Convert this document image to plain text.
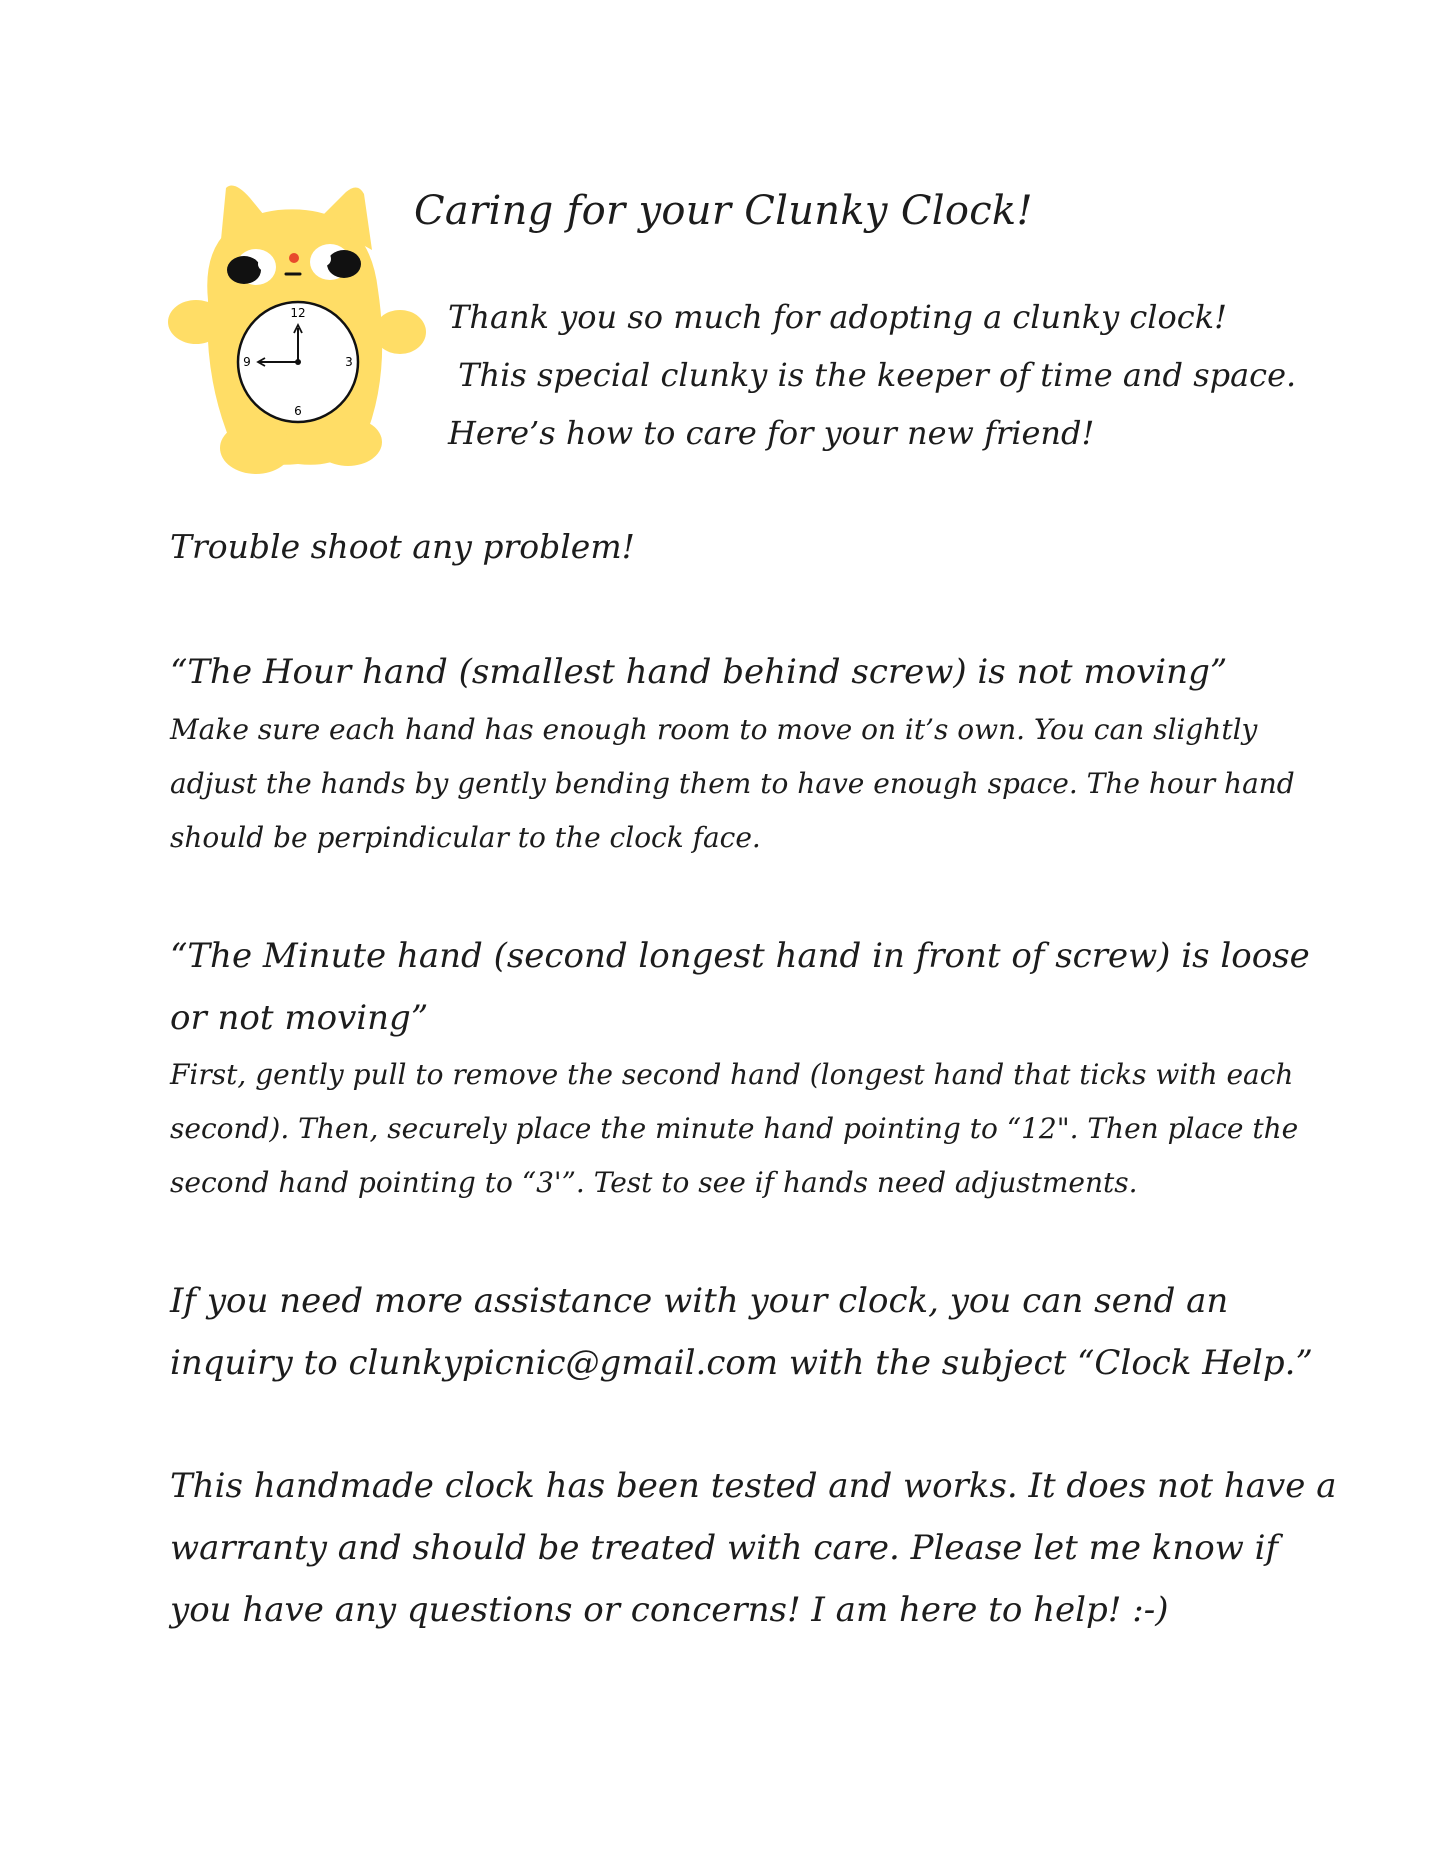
12
3
6
9
Caring for your Clunky Clock!
Thank you so much for adopting a clunky clock!
This special clunky is the keeper of time and space.
Here’s how to care for your new friend!
Trouble shoot any problem!
“The Hour hand (smallest hand behind screw) is not moving”
Make sure each hand has enough room to move on it’s own. You can slightly
adjust the hands by gently bending them to have enough space. The hour hand
should be perpindicular to the clock face.
“The Minute hand (second longest hand in front of screw) is loose
or not moving”
First, gently pull to remove the second hand (longest hand that ticks with each
second). Then, securely place the minute hand pointing to “12". Then place the
second hand pointing to “3'”. Test to see if hands need adjustments.
If you need more assistance with your clock, you can send an
inquiry to clunkypicnic@gmail.com with the subject “Clock Help.”
This handmade clock has been tested and works. It does not have a
warranty and should be treated with care. Please let me know if
you have any questions or concerns! I am here to help! :-)
